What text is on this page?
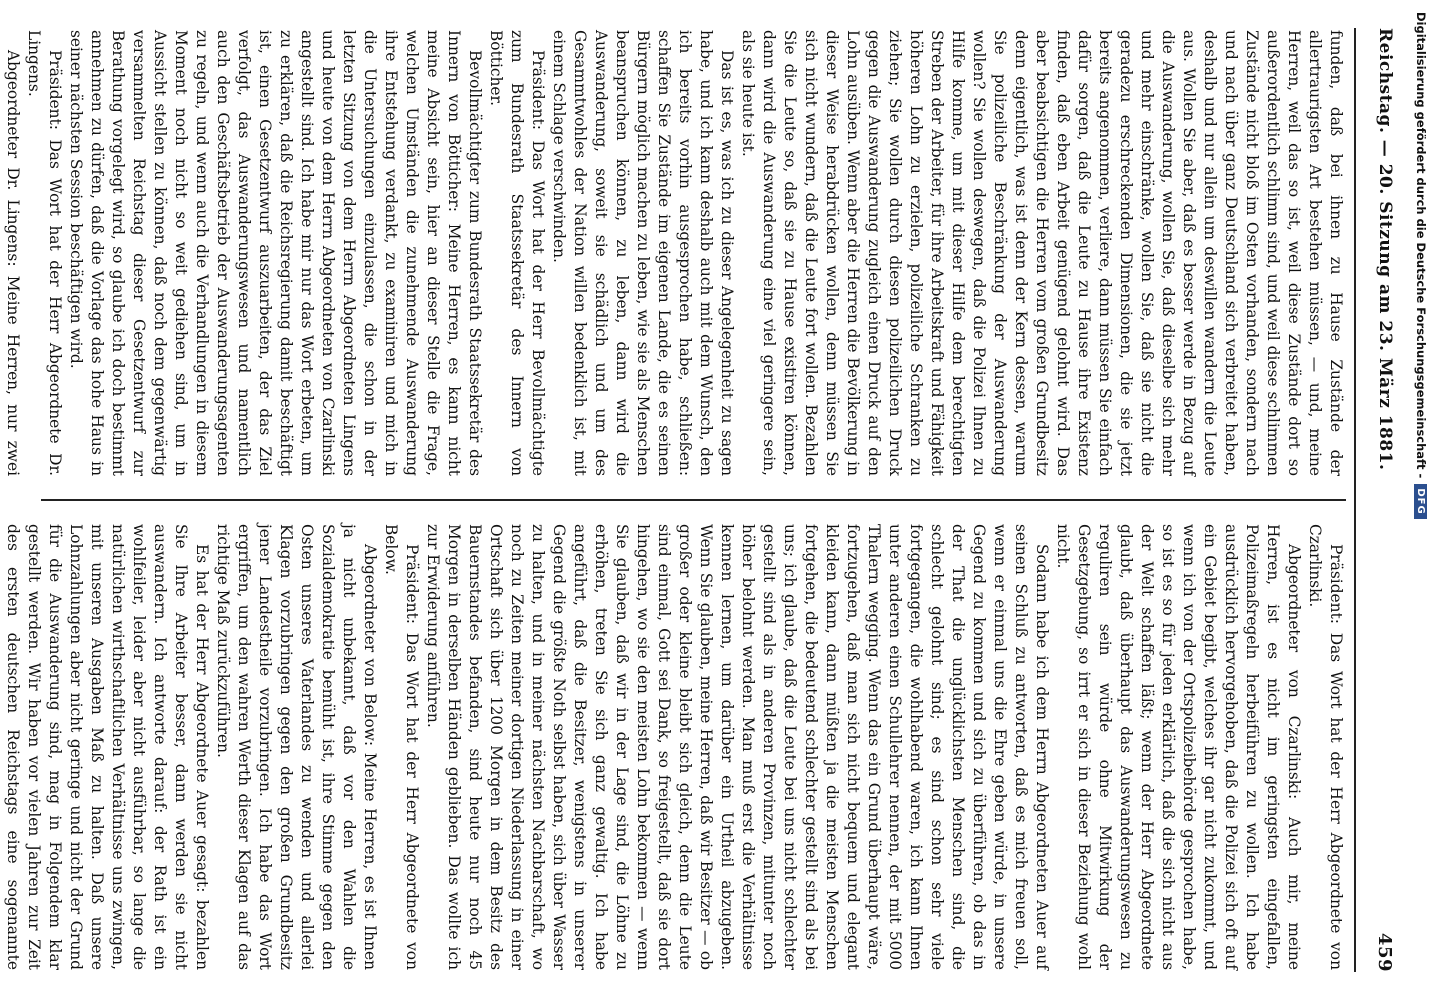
Reichstag. — 20. Sitzung am 23. März 1881.
459

funden, daß bei ihnen zu Hause Zustände der allertraurigsten Art bestehen müssen, — und, meine Herren, weil das so ist, weil diese Zustände dort so außerordentlich schlimm sind, und weil diese schlimmen Zustände nicht bloß im Osten vorhanden, sondern nach und nach über ganz Deutschland sich verbreitet haben, deshalb und nur allein um deswillen wandern die Leute aus. Wollen Sie aber, daß es besser werde in Bezug auf die Auswanderung, wollen Sie, daß dieselbe sich mehr und mehr einschränke, wollen Sie, daß sie nicht die geradezu erschreckenden Dimensionen, die sie jetzt bereits angenommen, verliere, dann müssen Sie einfach dafür sorgen, daß die Leute zu Hause ihre Existenz finden, daß eben Arbeit genügend gelohnt wird. Das aber beabsichtigen die Herren vom großen Grundbesitz denn eigentlich, was ist denn der Kern dessen, warum Sie polizeiliche Beschränkung der Auswanderung wollen? Sie wollen deswegen, daß die Polizei Ihnen zu Hilfe komme, um mit dieser Hilfe dem berechtigten Streben der Arbeiter, für ihre Arbeitskraft und Fähigkeit höheren Lohn zu erzielen, polizeiliche Schranken zu ziehen; Sie wollen durch diesen polizeilichen Druck gegen die Auswanderung zugleich einen Druck auf den Lohn ausüben. Wenn aber die Herren die Bevölkerung in dieser Weise herabdrücken wollen, denn müssen Sie sich nicht wundern, daß die Leute fort wollen. Bezahlen Sie die Leute so, daß sie zu Hause existiren können, dann wird die Auswanderung eine viel geringere sein, als sie heute ist.

Das ist es, was ich zu dieser Angelegenheit zu sagen habe, und ich kann deshalb auch mit dem Wunsch, den ich bereits vorhin ausgesprochen habe, schließen: schaffen Sie Zustände im eigenen Lande, die es seinen Bürgern möglich machen zu leben, wie sie als Menschen beanspruchen können, zu leben, dann wird die Auswanderung, soweit sie schädlich und um des Gesammtwohles der Nation willen bedenklich ist, mit einem Schlage verschwinden.

Präsident: Das Wort hat der Herr Bevollmächtigte zum Bundesrath Staatssekretär des Innern von Bötticher.

Bevollmächtigter zum Bundesrath Staatssekretär des Innern von Bötticher: Meine Herren, es kann nicht meine Absicht sein, hier an dieser Stelle die Frage, welchen Umständen die zunehmende Auswanderung ihre Entstehung verdankt, zu examiniren und mich in die Untersuchungen einzulassen, die schon in der letzten Sitzung von dem Herrn Abgeordneten Lingens und heute von dem Herrn Abgeordneten von Czarlinski angestellt sind. Ich habe mir nur das Wort erbeten, um zu erklären, daß die Reichsregierung damit beschäftigt ist, einen Gesetzentwurf auszuarbeiten, der das Ziel verfolgt, das Auswanderungswesen und namentlich auch den Geschäftsbetrieb der Auswanderungsagenten zu regeln, und wenn auch die Verhandlungen in diesem Moment noch nicht so weit gediehen sind, um in Aussicht stellen zu können, daß noch dem gegenwärtig versammelten Reichstag dieser Gesetzentwurf zur Berathung vorgelegt wird, so glaube ich doch bestimmt annehmen zu dürfen, daß die Vorlage das hohe Haus in seiner nächsten Session beschäftigen wird.

Präsident: Das Wort hat der Herr Abgeordnete Dr. Lingens.

Abgeordneter Dr. Lingens: Meine Herren, nur zwei

Präsident: Das Wort hat der Herr Abgeordnete von Czarlinski.

Abgeordneter von Czarlinski: Auch mir, meine Herren, ist es nicht im geringsten eingefallen, Polizeimaßregeln herbeiführen zu wollen. Ich habe ausdrücklich hervorgehoben, daß die Polizei sich oft auf ein Gebiet begibt, welches ihr gar nicht zukommt, und wenn ich von der Ortspolizeibehörde gesprochen habe, so ist es so für jeden erklärlich, daß die sich nicht aus der Welt schaffen läßt; wenn der Herr Abgeordnete glaubt, daß überhaupt das Auswanderungswesen zu reguliren sein würde ohne Mitwirkung der Gesetzgebung, so irrt er sich in dieser Beziehung wohl nicht.

Sodann habe ich dem Herrn Abgeordneten Auer auf seinen Schluß zu antworten, daß es mich freuen soll, wenn er einmal uns die Ehre geben würde, in unsere Gegend zu kommen und sich zu überführen, ob das in der That die unglücklichsten Menschen sind, die schlecht gelohnt sind; es sind schon sehr viele fortgegangen, die wohlhabend waren, ich kann Ihnen unter anderen einen Schullehrer nennen, der mit 5000 Thalern wegging. Wenn das ein Grund überhaupt wäre, fortzugehen, daß man sich nicht bequem und elegant kleiden kann, dann müßten ja die meisten Menschen fortgehen, die bedeutend schlechter gestellt sind als bei uns; ich glaube, daß die Leute bei uns nicht schlechter gestellt sind als in anderen Provinzen, mitunter noch höher belohnt werden. Man muß erst die Verhältnisse kennen lernen, um darüber ein Urtheil abzugeben. Wenn Sie glauben, meine Herren, daß wir Besitzer — ob großer oder kleine bleibt sich gleich, denn die Leute sind einmal, Gott sei Dank, so freigestellt, daß sie dort hingehen, wo sie den meisten Lohn bekommen — wenn Sie glauben, daß wir in der Lage sind, die Löhne zu erhöhen, treten Sie sich ganz gewaltig. Ich habe angeführt, daß die Besitzer, wenigstens in unserer Gegend die größte Noth selbst haben, sich über Wasser zu halten, und in meiner nächsten Nachbarschaft, wo noch zu Zeiten meiner dortigen Niederlassung in einer Ortschaft sich über 1200 Morgen in dem Besitz des Bauernstandes befanden, sind heute nur noch 45 Morgen in derselben Händen geblieben. Das wollte ich zur Erwiderung anführen.

Präsident: Das Wort hat der Herr Abgeordnete von Below.

Abgeordneter von Below: Meine Herren, es ist Ihnen ja nicht unbekannt, daß vor den Wahlen die Sozialdemokratie bemüht ist, ihre Stimme gegen den Osten unseres Vaterlandes zu wenden und allerlei Klagen vorzubringen gegen den großen Grundbesitz jener Landestheile vorzubringen. Ich habe das Wort ergriffen, um den wahren Werth dieser Klagen auf das richtige Maß zurückzuführen.

Es hat der Herr Abgeordnete Auer gesagt: bezahlen Sie Ihre Arbeiter besser, dann werden sie nicht auswandern. Ich antworte darauf: der Rath ist ein wohlfeiler, leider aber nicht ausführbar, so lange die natürlichen wirthschaftlichen Verhältnisse uns zwingen, mit unseren Ausgaben Maß zu halten. Daß unsere Lohnzahlungen aber nicht geringe und nicht der Grund für die Auswanderung sind, mag in Folgendem klar gestellt werden. Wir haben vor vielen Jahren zur Zeit des ersten deutschen Reichstags eine sogenannte

Digitalisierung gefördert durch die Deutsche Forschungsgemeinschaft -
DFG
